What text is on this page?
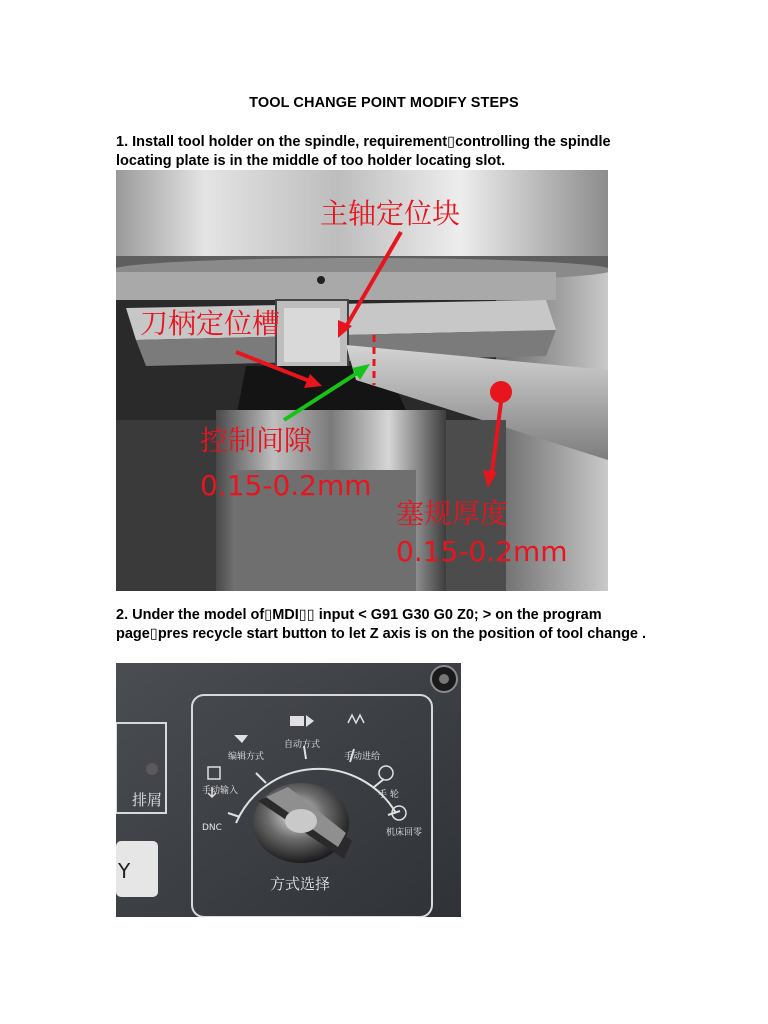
TOOL CHANGE POINT MODIFY STEPS
1. Install tool holder on the spindle, requirement▯controlling the spindle locating plate is in the middle of too holder locating slot.
主轴定位块
刀柄定位槽
控制间隙
0.15-0.2mm
塞规厚度
0.15-0.2mm
2. Under the model of▯MDI▯▯ input < G91 G30 G0 Z0; > on the program page▯pres recycle start button to let Z axis is on the position of tool change .
编辑方式
自动方式
手动进给
手动输入	手 轮
DNC	机床回零
排屑
Y
方式选择
